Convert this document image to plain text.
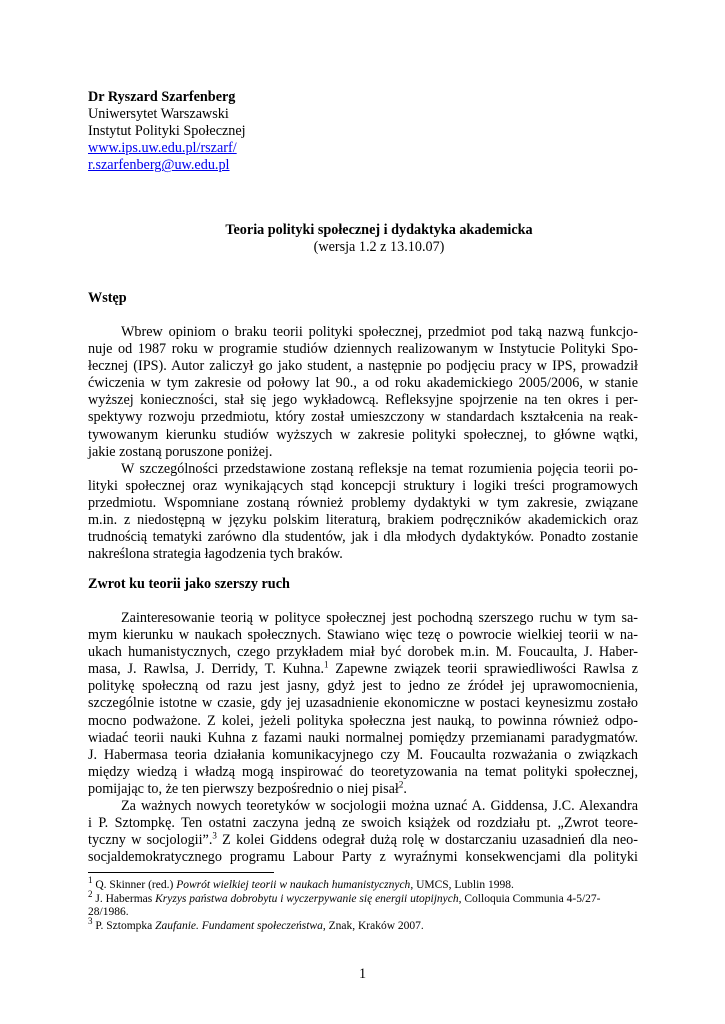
Dr Ryszard Szarfenberg
Uniwersytet Warszawski
Instytut Polityki Społecznej
www.ips.uw.edu.pl/rszarf/
r.szarfenberg@uw.edu.pl
Teoria polityki społecznej i dydaktyka akademicka
(wersja 1.2 z 13.10.07)
Wstęp
Wbrew opiniom o braku teorii polityki społecznej, przedmiot pod taką nazwą funkcjo-
nuje od 1987 roku w programie studiów dziennych realizowanym w Instytucie Polityki Spo-
łecznej (IPS). Autor zaliczył go jako student, a następnie po podjęciu pracy w IPS, prowadził
ćwiczenia w tym zakresie od połowy lat 90., a od roku akademickiego 2005/2006, w stanie
wyższej konieczności, stał się jego wykładowcą. Refleksyjne spojrzenie na ten okres i per-
spektywy rozwoju przedmiotu, który został umieszczony w standardach kształcenia na reak-
tywowanym kierunku studiów wyższych w zakresie polityki społecznej, to główne wątki,
jakie zostaną poruszone poniżej.
W szczególności przedstawione zostaną refleksje na temat rozumienia pojęcia teorii po-
lityki społecznej oraz wynikających stąd koncepcji struktury i logiki treści programowych
przedmiotu. Wspomniane zostaną również problemy dydaktyki w tym zakresie, związane
m.in. z niedostępną w języku polskim literaturą, brakiem podręczników akademickich oraz
trudnością tematyki zarówno dla studentów, jak i dla młodych dydaktyków. Ponadto zostanie
nakreślona strategia łagodzenia tych braków.
Zwrot ku teorii jako szerszy ruch
Zainteresowanie teorią w polityce społecznej jest pochodną szerszego ruchu w tym sa-
mym kierunku w naukach społecznych. Stawiano więc tezę o powrocie wielkiej teorii w na-
ukach humanistycznych, czego przykładem miał być dorobek m.in. M. Foucaulta, J. Haber-
masa, J. Rawlsa, J. Derridy, T. Kuhna.$^1$ Zapewne związek teorii sprawiedliwości Rawlsa z
politykę społeczną od razu jest jasny, gdyż jest to jedno ze źródeł jej uprawomocnienia,
szczególnie istotne w czasie, gdy jej uzasadnienie ekonomiczne w postaci keynesizmu zostało
mocno podważone. Z kolei, jeżeli polityka społeczna jest nauką, to powinna również odpo-
wiadać teorii nauki Kuhna z fazami nauki normalnej pomiędzy przemianami paradygmatów.
J. Habermasa teoria działania komunikacyjnego czy M. Foucaulta rozważania o związkach
między wiedzą i władzą mogą inspirować do teoretyzowania na temat polityki społecznej,
pomijając to, że ten pierwszy bezpośrednio o niej pisał$^2$.
Za ważnych nowych teoretyków w socjologii można uznać A. Giddensa, J.C. Alexandra
i P. Sztompkę. Ten ostatni zaczyna jedną ze swoich książek od rozdziału pt. „Zwrot teore-
tyczny w socjologii”.$^3$ Z kolei Giddens odegrał dużą rolę w dostarczaniu uzasadnień dla neo-
socjaldemokratycznego programu Labour Party z wyraźnymi konsekwencjami dla polityki
$^1$ Q. Skinner (red.) Powrót wielkiej teorii w naukach humanistycznych, UMCS, Lublin 1998.
$^2$ J. Habermas Kryzys państwa dobrobytu i wyczerpywanie się energii utopijnych, Colloquia Communia 4-5/27-
28/1986.
$^3$ P. Sztompka Zaufanie. Fundament społeczeństwa, Znak, Kraków 2007.
1
